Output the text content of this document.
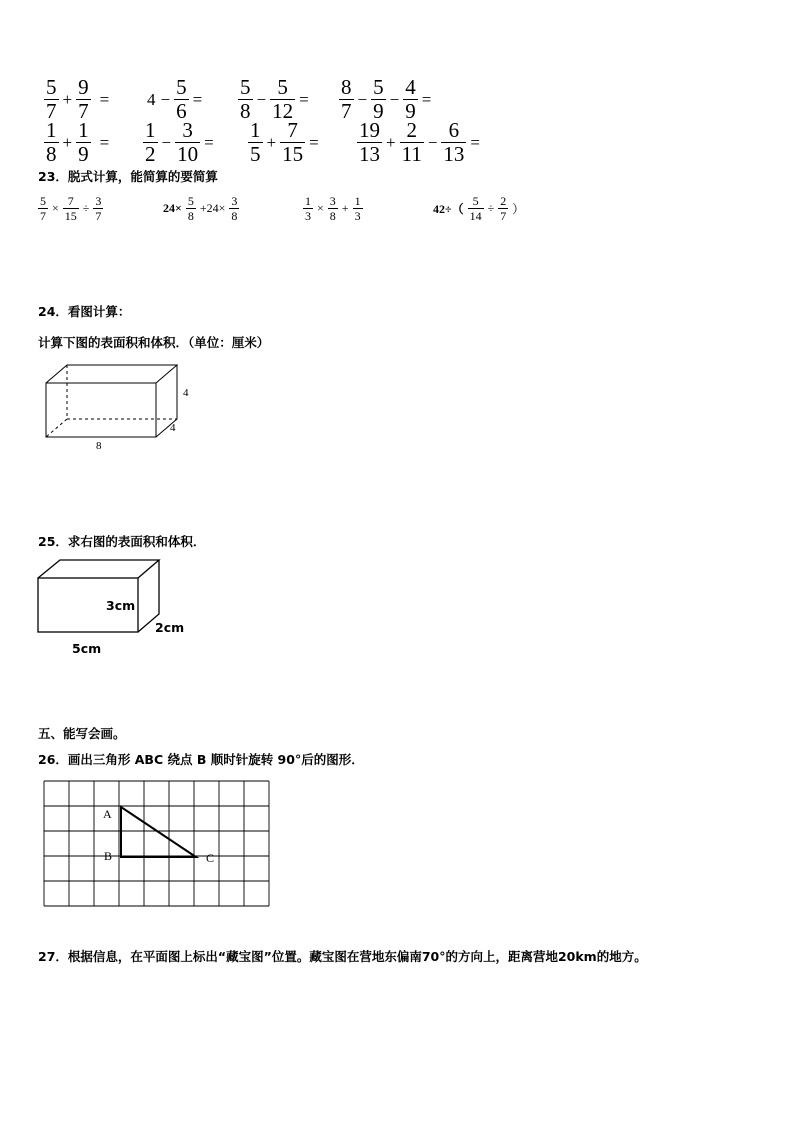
$\frac{5}{7} + \frac{9}{7} = 4 - \frac{5}{6} = \frac{5}{8} - \frac{5}{12} = \frac{8}{7} - \frac{5}{9} - \frac{4}{9}$ =
$\frac{1}{8} + \frac{1}{9} = \frac{1}{2} - \frac{3}{10} = \frac{1}{5} + \frac{7}{15} = \frac{19}{13} + \frac{2}{11} - \frac{6}{13}$ =
23．脱式计算，能简算的要简算
$\frac{5}{7} \times \frac{7}{15} \div \frac{3}{7}$	$24\times \frac{5}{8} +24\times \frac{3}{8}$	$\frac{1}{3} \times \frac{3}{8} + \frac{1}{3}$	$42\div( \frac{5}{14} \div \frac{2}{7}$ ）
24．看图计算：
计算下图的表面积和体积．（单位：厘米）
4
4
8
25．求右图的表面积和体积．
3cm
2cm
5cm
五、能写会画。
26．画出三角形 ABC 绕点 B 顺时针旋转 90°后的图形．
A
B	C
27．根据信息，在平面图上标出“藏宝图”位置。藏宝图在营地东偏南70°的方向上，距离营地20km的地方。
